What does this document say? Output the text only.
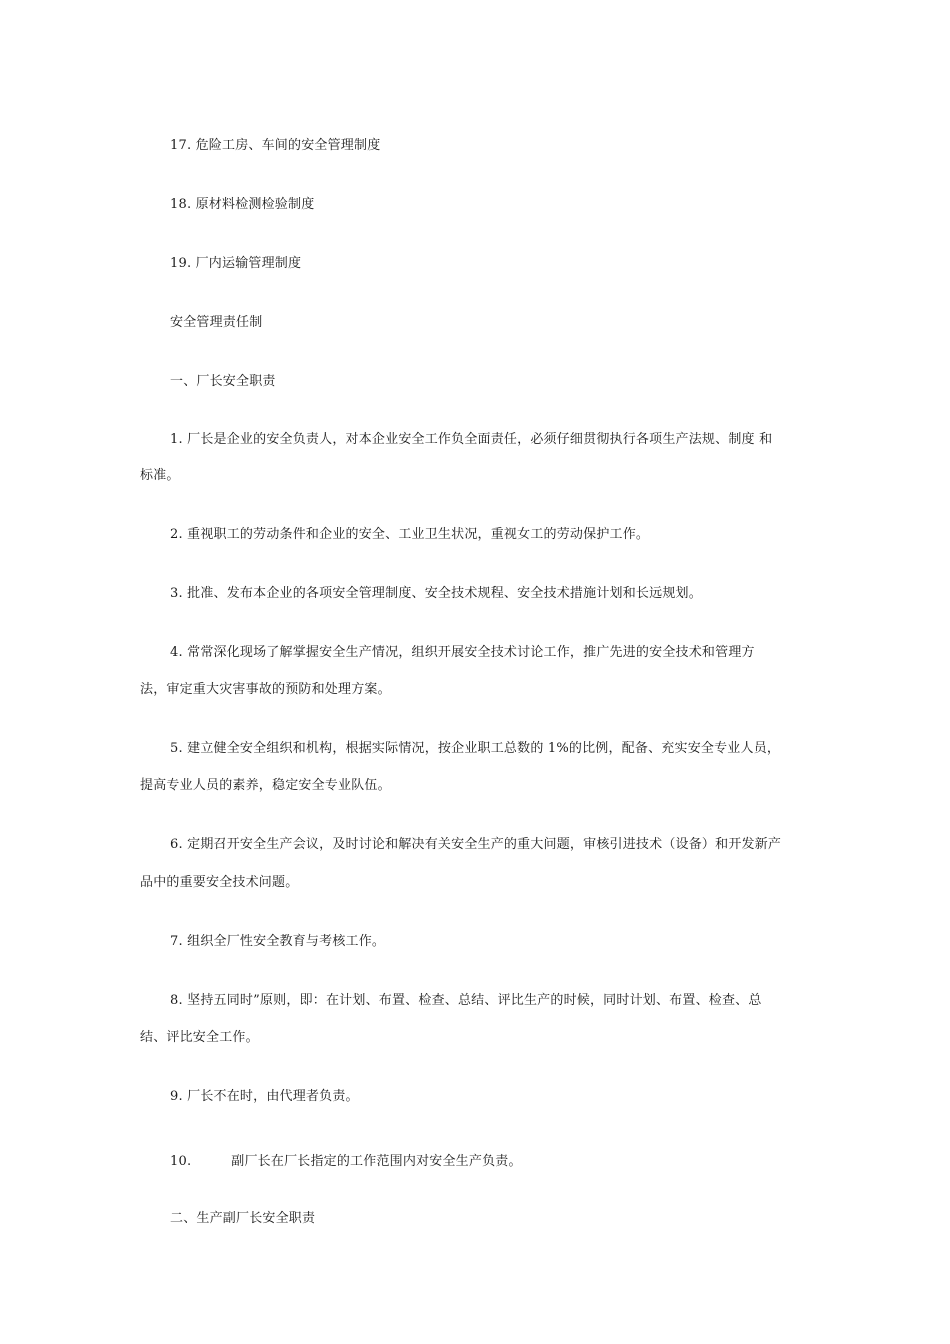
17. 危险工房、车间的安全管理制度
18. 原材料检测检验制度
19. 厂内运输管理制度
安全管理责任制
一、厂长安全职责
1. 厂长是企业的安全负责人，对本企业安全工作负全面责任，必须仔细贯彻执行各项生产法规、制度 和
标准。
2. 重视职工的劳动条件和企业的安全、工业卫生状况，重视女工的劳动保护工作。
3. 批准、发布本企业的各项安全管理制度、安全技术规程、安全技术措施计划和长远规划。
4. 常常深化现场了解掌握安全生产情况，组织开展安全技术讨论工作，推广先进的安全技术和管理方
法，审定重大灾害事故的预防和处理方案。
5. 建立健全安全组织和机构，根据实际情况，按企业职工总数的 1%的比例，配备、充实安全专业人员，
提高专业人员的素养，稳定安全专业队伍。
6. 定期召开安全生产会议，及时讨论和解决有关安全生产的重大问题，审核引进技术（设备）和开发新产
品中的重要安全技术问题。
7. 组织全厂性安全教育与考核工作。
8. 坚持五同时”原则，即：在计划、布置、检查、总结、评比生产的时候，同时计划、布置、检查、总
结、评比安全工作。
9. 厂长不在时，由代理者负责。
10.	副厂长在厂长指定的工作范围内对安全生产负责。
二、生产副厂长安全职责
